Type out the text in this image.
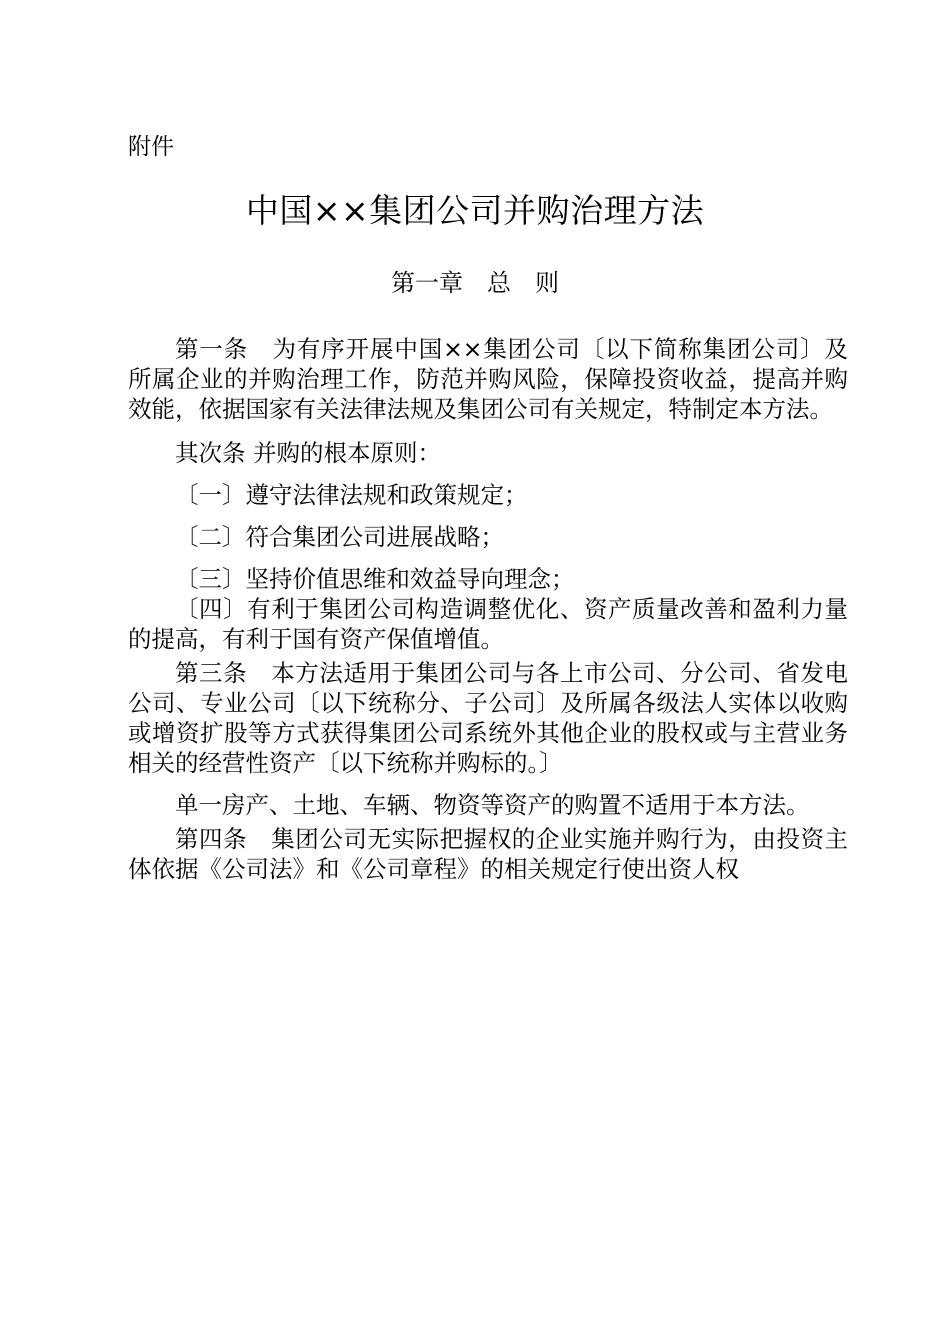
附件
中国××集团公司并购治理方法
第一章　总　则

第一条　为有序开展中国××集团公司〔以下简称集团公司〕及所属企业的并购治理工作，防范并购风险，保障投资收益，提高并购效能，依据国家有关法律法规及集团公司有关规定，特制定本方法。

其次条 并购的根本原则：

〔一〕遵守法律法规和政策规定；

〔二〕符合集团公司进展战略；

〔三〕坚持价值思维和效益导向理念；

〔四〕有利于集团公司构造调整优化、资产质量改善和盈利力量的提高，有利于国有资产保值增值。

第三条　本方法适用于集团公司与各上市公司、分公司、省发电公司、专业公司〔以下统称分、子公司〕及所属各级法人实体以收购或增资扩股等方式获得集团公司系统外其他企业的股权或与主营业务相关的经营性资产〔以下统称并购标的。〕

单一房产、土地、车辆、物资等资产的购置不适用于本方法。

第四条　集团公司无实际把握权的企业实施并购行为，由投资主体依据《公司法》和《公司章程》的相关规定行使出资人权
